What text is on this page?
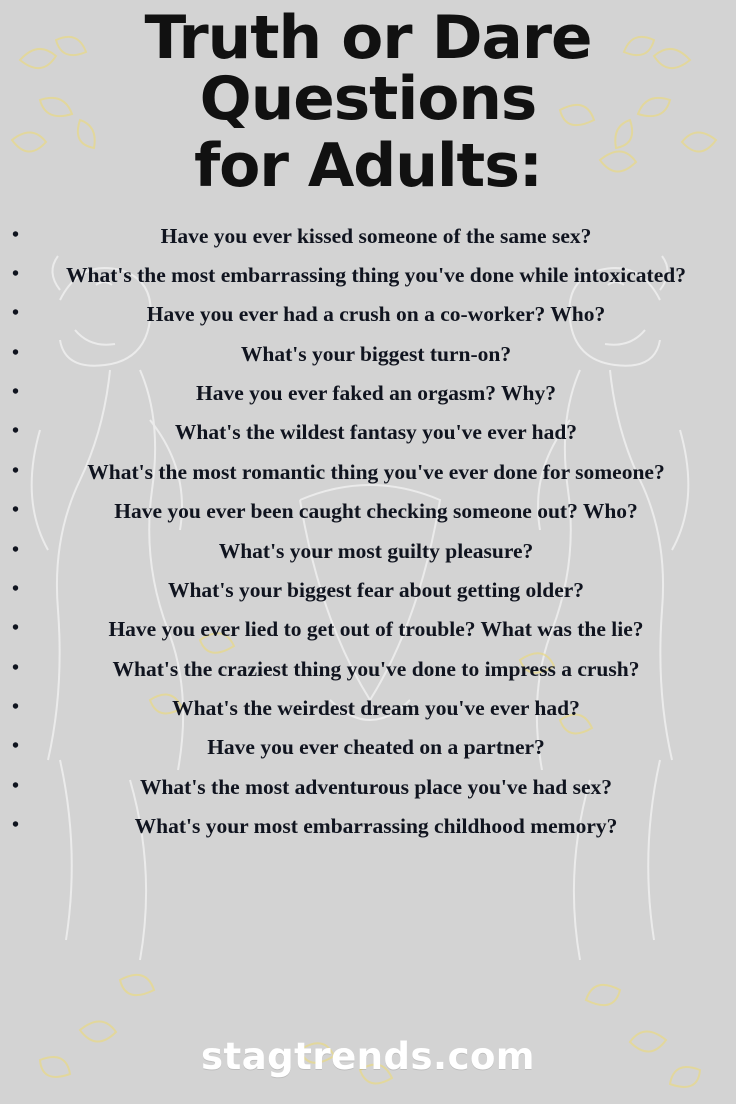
Truth or Dare Questions
for Adults:
•	Have you ever kissed someone of the same sex?
• What's the most embarrassing thing you've done while intoxicated?
•	Have you ever had a crush on a co-worker? Who?
•	What's your biggest turn-on?
•	Have you ever faked an orgasm? Why?
•	What's the wildest fantasy you've ever had?
•	What's the most romantic thing you've ever done for someone?
•	Have you ever been caught checking someone out? Who?
•	What's your most guilty pleasure?
•	What's your biggest fear about getting older?
•	Have you ever lied to get out of trouble? What was the lie?
•	What's the craziest thing you've done to impress a crush?
•	What's the weirdest dream you've ever had?
•	Have you ever cheated on a partner?
•	What's the most adventurous place you've had sex?
•	What's your most embarrassing childhood memory?
stagtrends.com
